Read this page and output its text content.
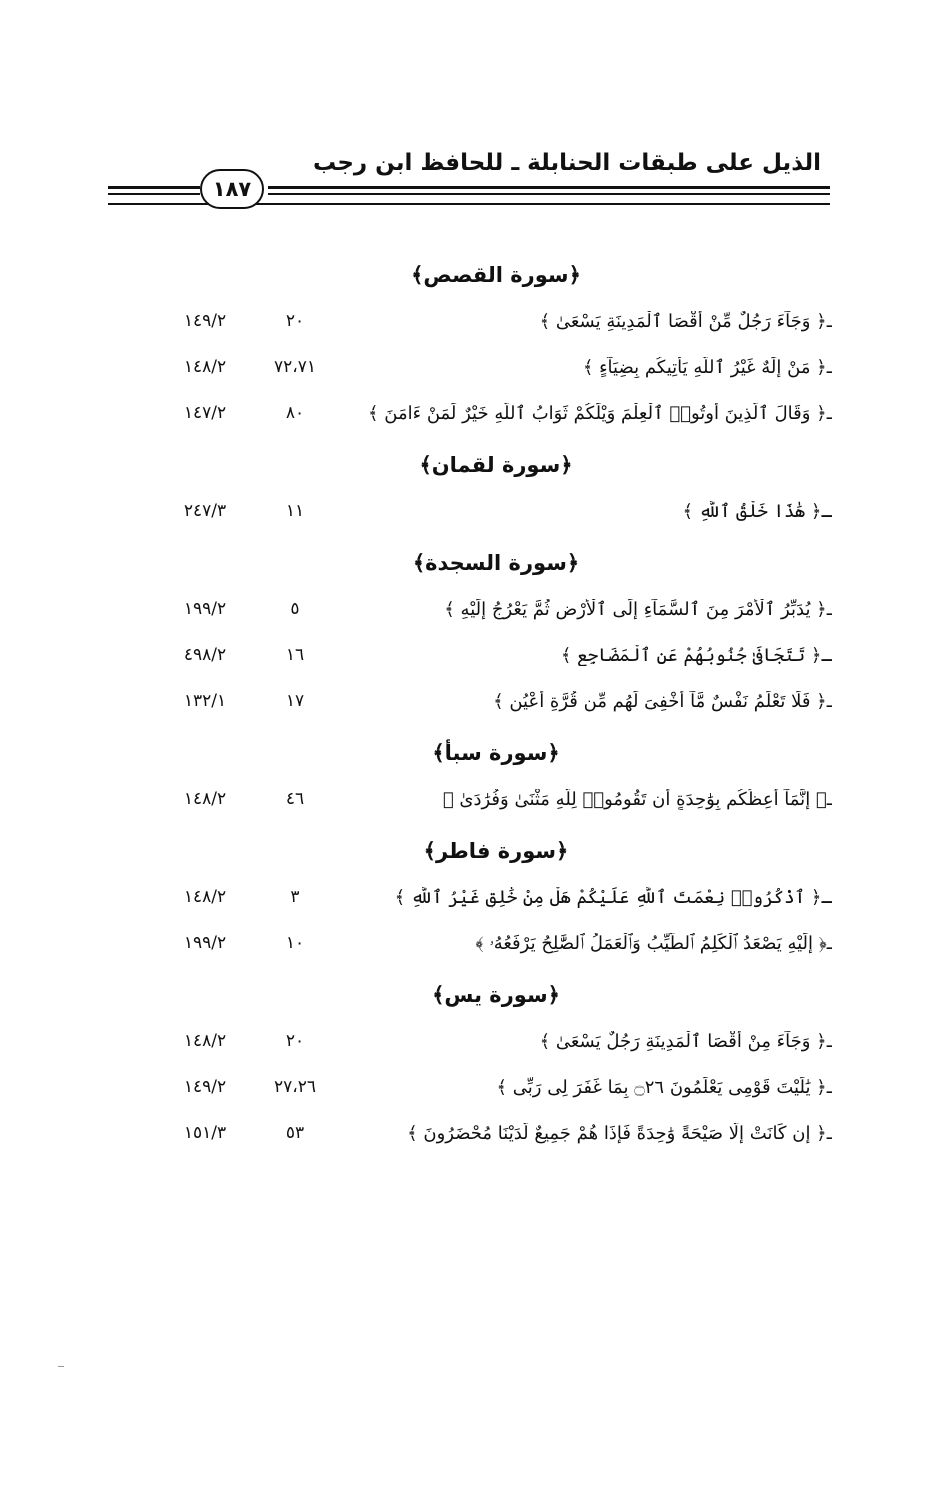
الذيل على طبقات الحنابلة ـ للحافظ ابن رجب
١٨٧
﴿سورة القصص﴾
١٤٩/٢	٢٠	ـ﴿ وَجَآءَ رَجُلٌ مِّنْ أَقْصَا ٱلْمَدِينَةِ يَسْعَىٰ ﴾
١٤٨/٢	٧٢،٧١	ـ﴿ مَنْ إِلَٰهٌ غَيْرُ ٱللَّهِ يَأْتِيكُم بِضِيَآءٍ ﴾
١٤٧/٢	٨٠	ـ﴿ وَقَالَ ٱلَّذِينَ أُوتُوا۟ ٱلْعِلْمَ وَيْلَكُمْ ثَوَابُ ٱللَّهِ خَيْرٌ لِّمَنْ ءَامَنَ ﴾
﴿سورة لقمان﴾
٢٤٧/٣	١١	ـ﴿ هَٰذَا خَلْقُ ٱللَّهِ ﴾
﴿سورة السجدة﴾
١٩٩/٢	٥	ـ﴿ يُدَبِّرُ ٱلْأَمْرَ مِنَ ٱلسَّمَآءِ إِلَى ٱلْأَرْضِ ثُمَّ يَعْرُجُ إِلَيْهِ ﴾
٤٩٨/٢	١٦	ـ﴿ تَتَجَافَىٰ جُنُوبُهُمْ عَنِ ٱلْمَضَاجِعِ ﴾
١٣٢/١	١٧	ـ﴿ فَلَا تَعْلَمُ نَفْسٌ مَّآ أُخْفِىَ لَهُم مِّن قُرَّةِ أَعْيُنٍ ﴾
﴿سورة سبأ﴾
١٤٨/٢	٤٦	ـ﴿ إِنَّمَآ أَعِظُكُم بِوَٰحِدَةٍ أَن تَقُومُوا۟ لِلَّهِ مَثْنَىٰ وَفُرَٰدَىٰ ﴾
﴿سورة فاطر﴾
١٤٨/٢	٣	ـ﴿ ٱذْكُرُوا۟ نِعْمَتَ ٱللَّهِ عَلَيْكُمْ هَلْ مِنْ خَٰلِقٍ غَيْرُ ٱللَّهِ ﴾
١٩٩/٢	١٠	ـ﴿ إِلَيْهِ يَصْعَدُ ٱلْكَلِمُ ٱلطَّيِّبُ وَٱلْعَمَلُ ٱلصَّٰلِحُ يَرْفَعُهُۥ ﴾
﴿سورة يس﴾
١٤٨/٢	٢٠	ـ﴿ وَجَآءَ مِنْ أَقْصَا ٱلْمَدِينَةِ رَجُلٌ يَسْعَىٰ ﴾
١٤٩/٢	٢٧،٢٦	ـ﴿ يَٰلَيْتَ قَوْمِى يَعْلَمُونَ ۝٢٦ بِمَا غَفَرَ لِى رَبِّى ﴾
١٥١/٣	٥٣	ـ﴿ إِن كَانَتْ إِلَّا صَيْحَةً وَٰحِدَةً فَإِذَا هُمْ جَمِيعٌ لَّدَيْنَا مُحْضَرُونَ ﴾
